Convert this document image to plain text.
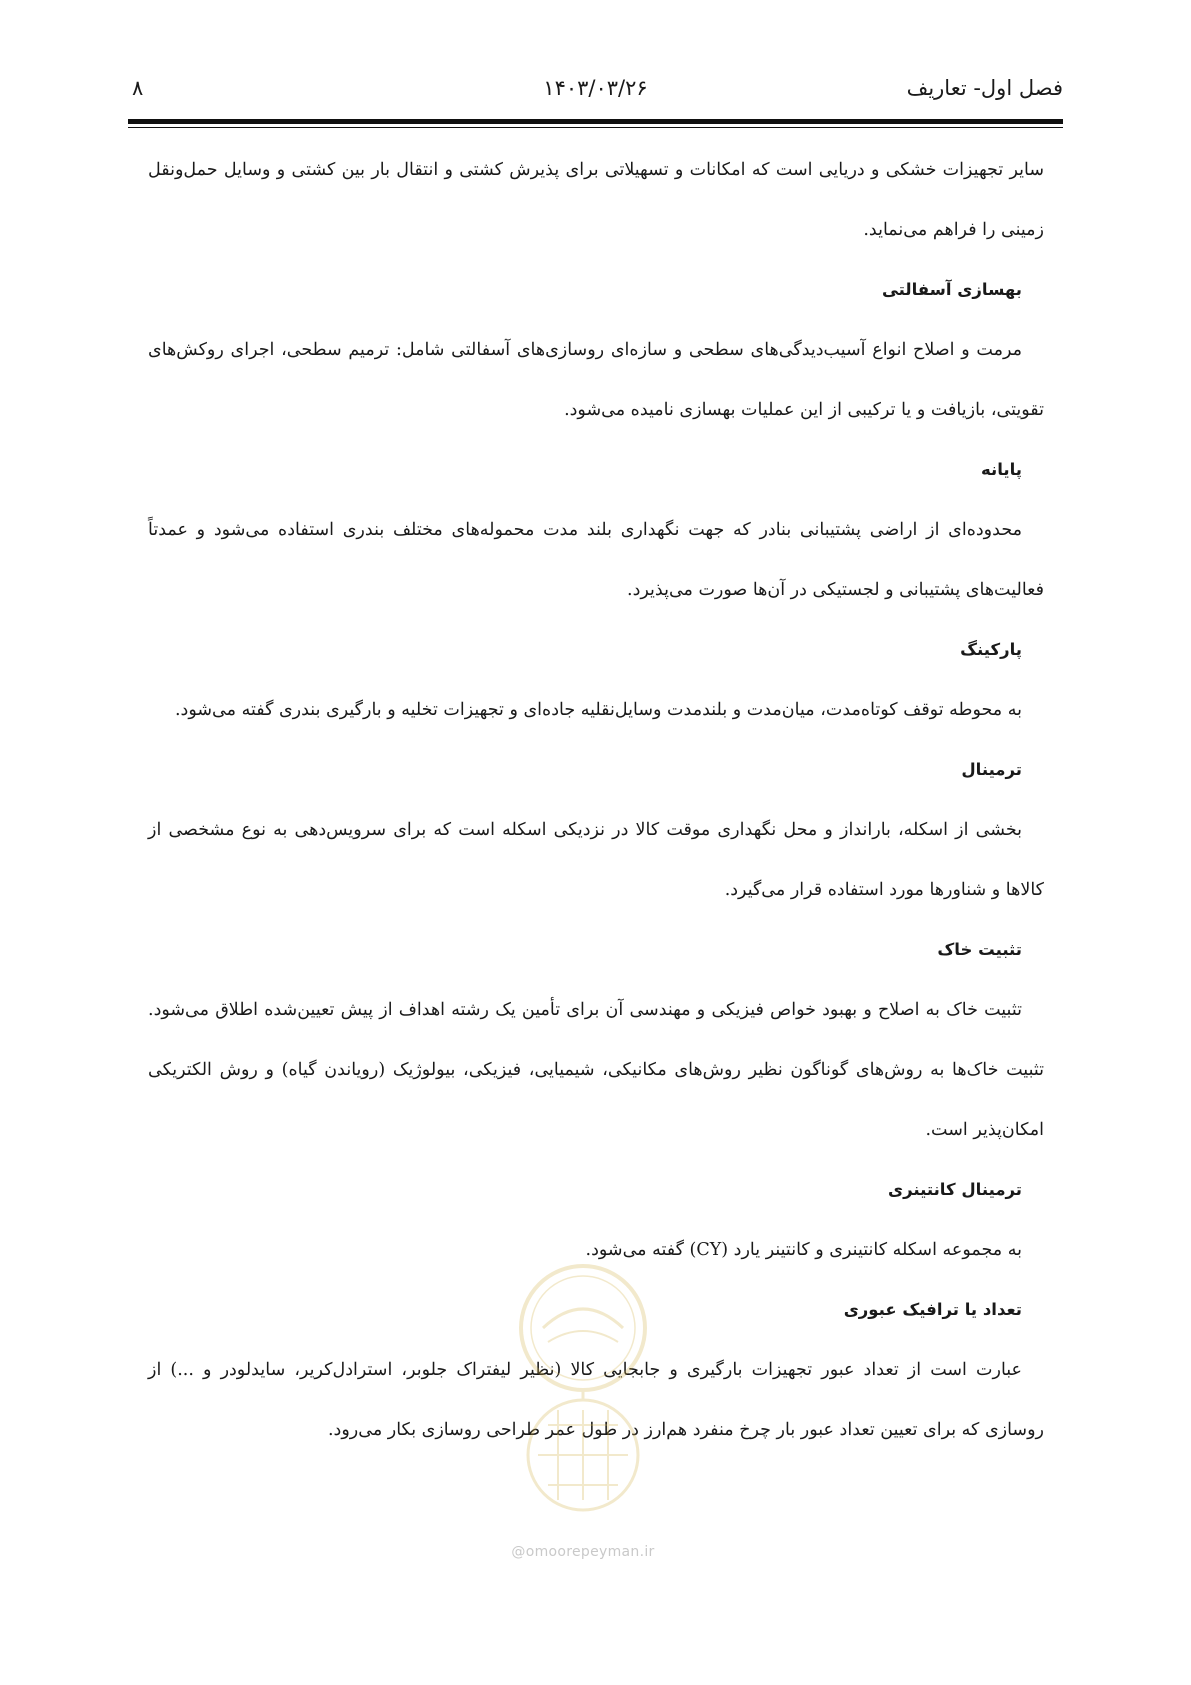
فصل اول- تعاریف
۱۴۰۳/۰۳/۲۶
۸

سایر تجهیزات خشکی و دریایی است که امکانات و تسهیلاتی برای پذیرش کشتی و انتقال بار بین کشتی و وسایل حمل‌ونقل زمینی را فراهم می‌نماید.

بهسازی آسفالتی

مرمت و اصلاح انواع آسیب‌دیدگی‌های سطحی و سازه‌ای روسازی‌های آسفالتی شامل: ترمیم سطحی، اجرای روکش‌های تقویتی، بازیافت و یا ترکیبی از این عملیات بهسازی نامیده می‌شود.

پایانه

محدوده‌ای از اراضی پشتیبانی بنادر که جهت نگهداری بلند مدت محموله‌های مختلف بندری استفاده می‌شود و عمدتاً فعالیت‌های پشتیبانی و لجستیکی در آن‌ها صورت می‌پذیرد.

پارکینگ

به محوطه توقف کوتاه‌مدت، میان‌مدت و بلندمدت وسایل‌نقلیه جاده‌ای و تجهیزات تخلیه و بارگیری بندری گفته می‌شود.

ترمینال

بخشی از اسکله، بارانداز و محل نگهداری موقت کالا در نزدیکی اسکله است که برای سرویس‌دهی به نوع مشخصی از کالاها و شناورها مورد استفاده قرار می‌گیرد.

تثبیت خاک

تثبیت خاک به اصلاح و بهبود خواص فیزیکی و مهندسی آن برای تأمین یک رشته اهداف از پیش تعیین‌شده اطلاق می‌شود. تثبیت خاک‌ها به روش‌های گوناگون نظیر روش‌های مکانیکی، شیمیایی، فیزیکی، بیولوژیک (رویاندن گیاه) و روش الکتریکی امکان‌پذیر است.

ترمینال کانتینری

به مجموعه اسکله کانتینری و کانتینر یارد (CY) گفته می‌شود.

تعداد یا ترافیک عبوری

عبارت است از تعداد عبور تجهیزات بارگیری و جابجایی کالا (نظیر لیفتراک جلوبر، استرادل‌کریر، سایدلودر و ...) از روسازی که برای تعیین تعداد عبور بار چرخ منفرد هم‌ارز در طول عمر طراحی روسازی بکار می‌رود.

@omoorepeyman.ir
